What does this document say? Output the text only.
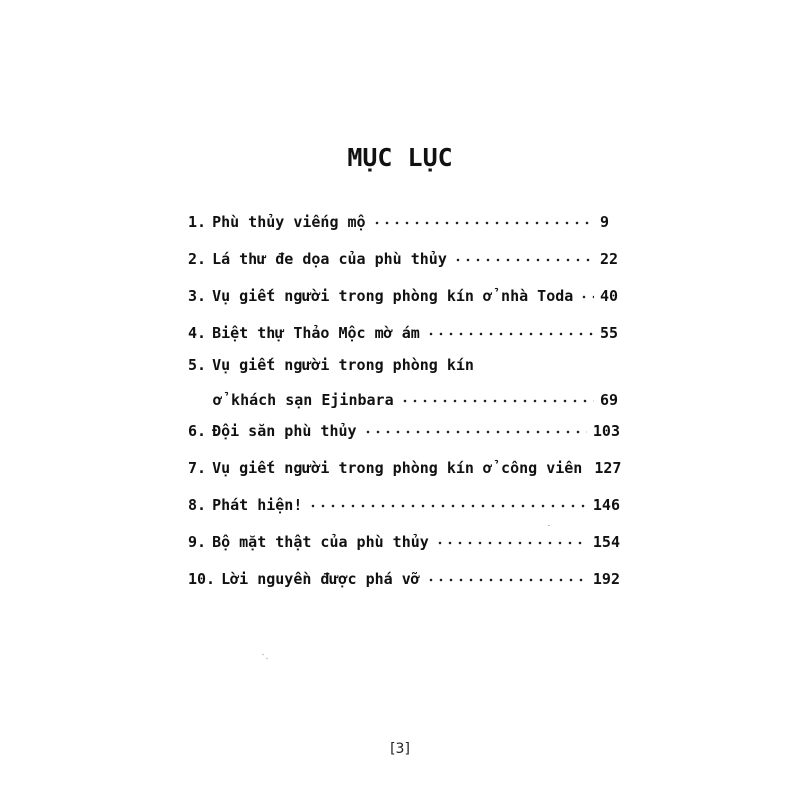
MỤC LỤC
1. Phù thủy viếng mộ	9
2. Lá thư đe dọa của phù thủy	22
3. Vụ giết người trong phòng kín ở nhà Toda 40
4. Biệt thự Thảo Mộc mờ ám	55
5. Vụ giết người trong phòng kín
ở khách sạn Ejinbara	69
6. Đội săn phù thủy	103
7. Vụ giết người trong phòng kín ở công viên 127
8. Phát hiện!	146
9. Bộ mặt thật của phù thủy	154
10. Lời nguyền được phá vỡ	192
[3]
